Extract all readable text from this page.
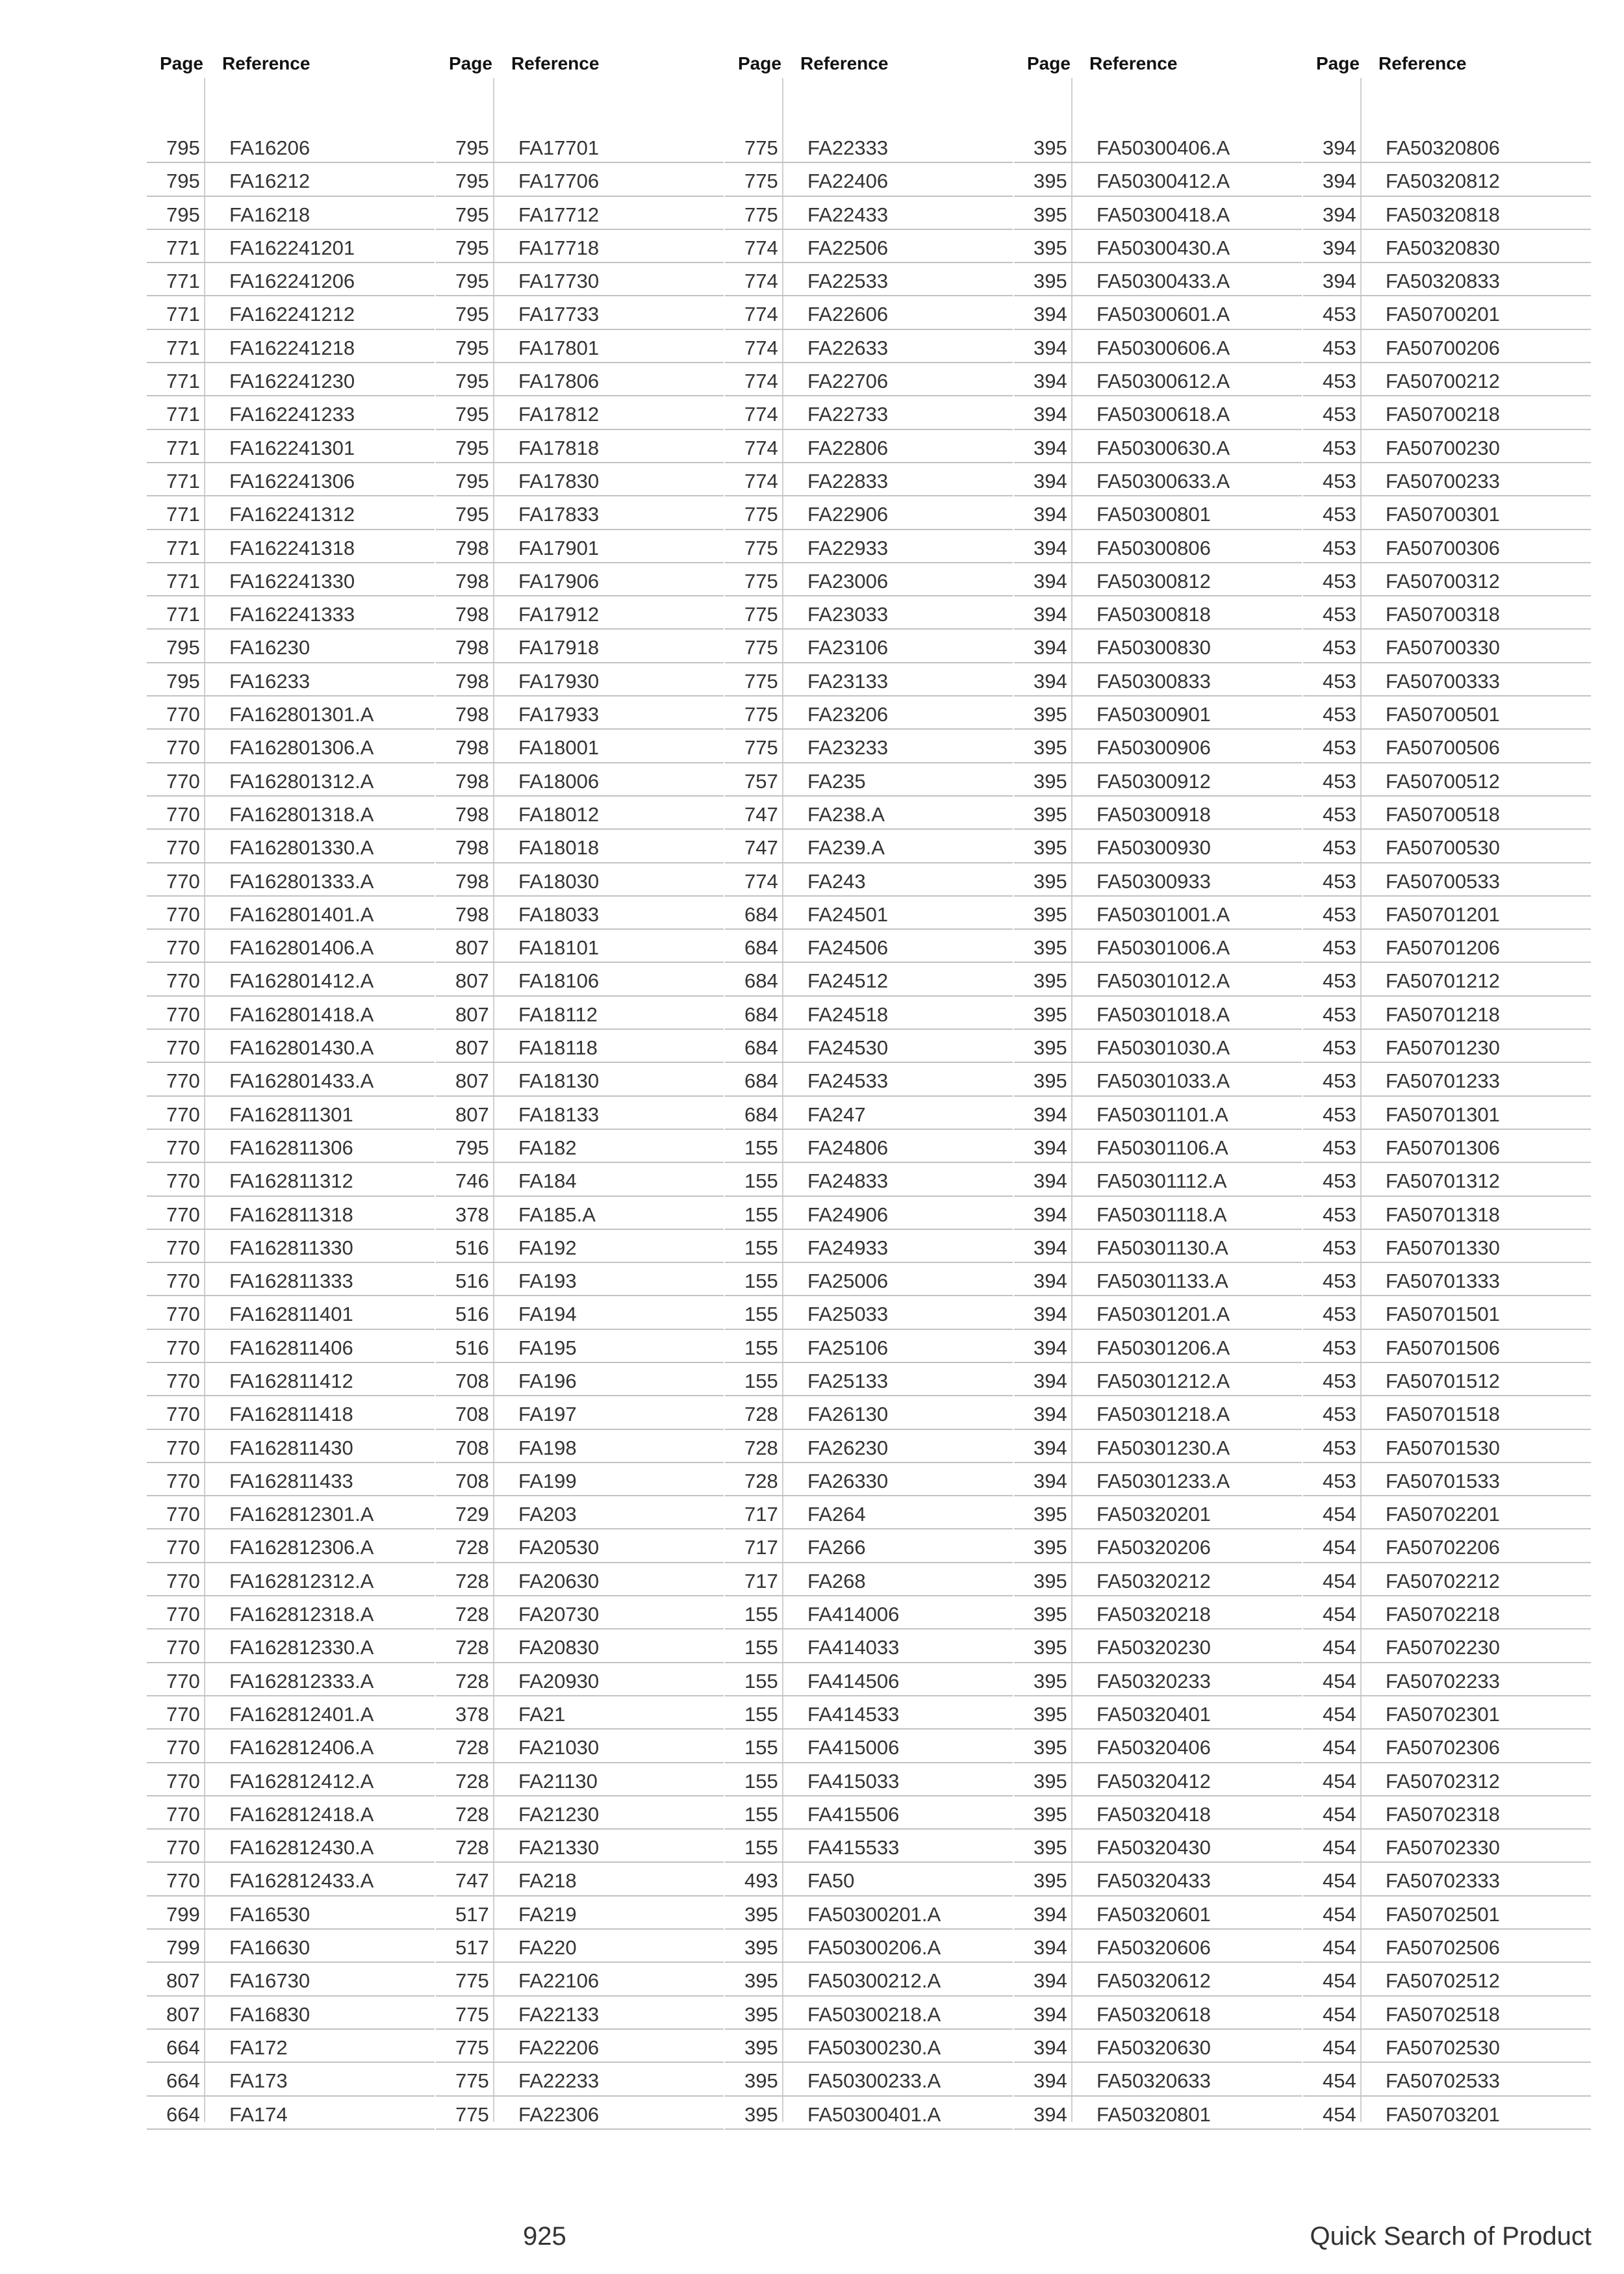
Page Reference
795 FA16206
795 FA16212
795 FA16218
771 FA162241201
771 FA162241206
771 FA162241212
771 FA162241218
771 FA162241230
771 FA162241233
771 FA162241301
771 FA162241306
771 FA162241312
771 FA162241318
771 FA162241330
771 FA162241333
795 FA16230
795 FA16233
770 FA162801301.A
770 FA162801306.A
770 FA162801312.A
770 FA162801318.A
770 FA162801330.A
770 FA162801333.A
770 FA162801401.A
770 FA162801406.A
770 FA162801412.A
770 FA162801418.A
770 FA162801430.A
770 FA162801433.A
770 FA162811301
770 FA162811306
770 FA162811312
770 FA162811318
770 FA162811330
770 FA162811333
770 FA162811401
770 FA162811406
770 FA162811412
770 FA162811418
770 FA162811430
770 FA162811433
770 FA162812301.A
770 FA162812306.A
770 FA162812312.A
770 FA162812318.A
770 FA162812330.A
770 FA162812333.A
770 FA162812401.A
770 FA162812406.A
770 FA162812412.A
770 FA162812418.A
770 FA162812430.A
770 FA162812433.A
799 FA16530
799 FA16630
807 FA16730
807 FA16830
664 FA172
664 FA173
664 FA174
Page Reference
795 FA17701
795 FA17706
795 FA17712
795 FA17718
795 FA17730
795 FA17733
795 FA17801
795 FA17806
795 FA17812
795 FA17818
795 FA17830
795 FA17833
798 FA17901
798 FA17906
798 FA17912
798 FA17918
798 FA17930
798 FA17933
798 FA18001
798 FA18006
798 FA18012
798 FA18018
798 FA18030
798 FA18033
807 FA18101
807 FA18106
807 FA18112
807 FA18118
807 FA18130
807 FA18133
795 FA182
746 FA184
378 FA185.A
516 FA192
516 FA193
516 FA194
516 FA195
708 FA196
708 FA197
708 FA198
708 FA199
729 FA203
728 FA20530
728 FA20630
728 FA20730
728 FA20830
728 FA20930
378 FA21
728 FA21030
728 FA21130
728 FA21230
728 FA21330
747 FA218
517 FA219
517 FA220
775 FA22106
775 FA22133
775 FA22206
775 FA22233
775 FA22306
Page Reference
775 FA22333
775 FA22406
775 FA22433
774 FA22506
774 FA22533
774 FA22606
774 FA22633
774 FA22706
774 FA22733
774 FA22806
774 FA22833
775 FA22906
775 FA22933
775 FA23006
775 FA23033
775 FA23106
775 FA23133
775 FA23206
775 FA23233
757 FA235
747 FA238.A
747 FA239.A
774 FA243
684 FA24501
684 FA24506
684 FA24512
684 FA24518
684 FA24530
684 FA24533
684 FA247
155 FA24806
155 FA24833
155 FA24906
155 FA24933
155 FA25006
155 FA25033
155 FA25106
155 FA25133
728 FA26130
728 FA26230
728 FA26330
717 FA264
717 FA266
717 FA268
155 FA414006
155 FA414033
155 FA414506
155 FA414533
155 FA415006
155 FA415033
155 FA415506
155 FA415533
493 FA50
395 FA50300201.A
395 FA50300206.A
395 FA50300212.A
395 FA50300218.A
395 FA50300230.A
395 FA50300233.A
395 FA50300401.A
Page Reference
395 FA50300406.A
395 FA50300412.A
395 FA50300418.A
395 FA50300430.A
395 FA50300433.A
394 FA50300601.A
394 FA50300606.A
394 FA50300612.A
394 FA50300618.A
394 FA50300630.A
394 FA50300633.A
394 FA50300801
394 FA50300806
394 FA50300812
394 FA50300818
394 FA50300830
394 FA50300833
395 FA50300901
395 FA50300906
395 FA50300912
395 FA50300918
395 FA50300930
395 FA50300933
395 FA50301001.A
395 FA50301006.A
395 FA50301012.A
395 FA50301018.A
395 FA50301030.A
395 FA50301033.A
394 FA50301101.A
394 FA50301106.A
394 FA50301112.A
394 FA50301118.A
394 FA50301130.A
394 FA50301133.A
394 FA50301201.A
394 FA50301206.A
394 FA50301212.A
394 FA50301218.A
394 FA50301230.A
394 FA50301233.A
395 FA50320201
395 FA50320206
395 FA50320212
395 FA50320218
395 FA50320230
395 FA50320233
395 FA50320401
395 FA50320406
395 FA50320412
395 FA50320418
395 FA50320430
395 FA50320433
394 FA50320601
394 FA50320606
394 FA50320612
394 FA50320618
394 FA50320630
394 FA50320633
394 FA50320801
Page Reference
394 FA50320806
394 FA50320812
394 FA50320818
394 FA50320830
394 FA50320833
453 FA50700201
453 FA50700206
453 FA50700212
453 FA50700218
453 FA50700230
453 FA50700233
453 FA50700301
453 FA50700306
453 FA50700312
453 FA50700318
453 FA50700330
453 FA50700333
453 FA50700501
453 FA50700506
453 FA50700512
453 FA50700518
453 FA50700530
453 FA50700533
453 FA50701201
453 FA50701206
453 FA50701212
453 FA50701218
453 FA50701230
453 FA50701233
453 FA50701301
453 FA50701306
453 FA50701312
453 FA50701318
453 FA50701330
453 FA50701333
453 FA50701501
453 FA50701506
453 FA50701512
453 FA50701518
453 FA50701530
453 FA50701533
454 FA50702201
454 FA50702206
454 FA50702212
454 FA50702218
454 FA50702230
454 FA50702233
454 FA50702301
454 FA50702306
454 FA50702312
454 FA50702318
454 FA50702330
454 FA50702333
454 FA50702501
454 FA50702506
454 FA50702512
454 FA50702518
454 FA50702530
454 FA50702533
454 FA50703201
925	Quick Search of Product
